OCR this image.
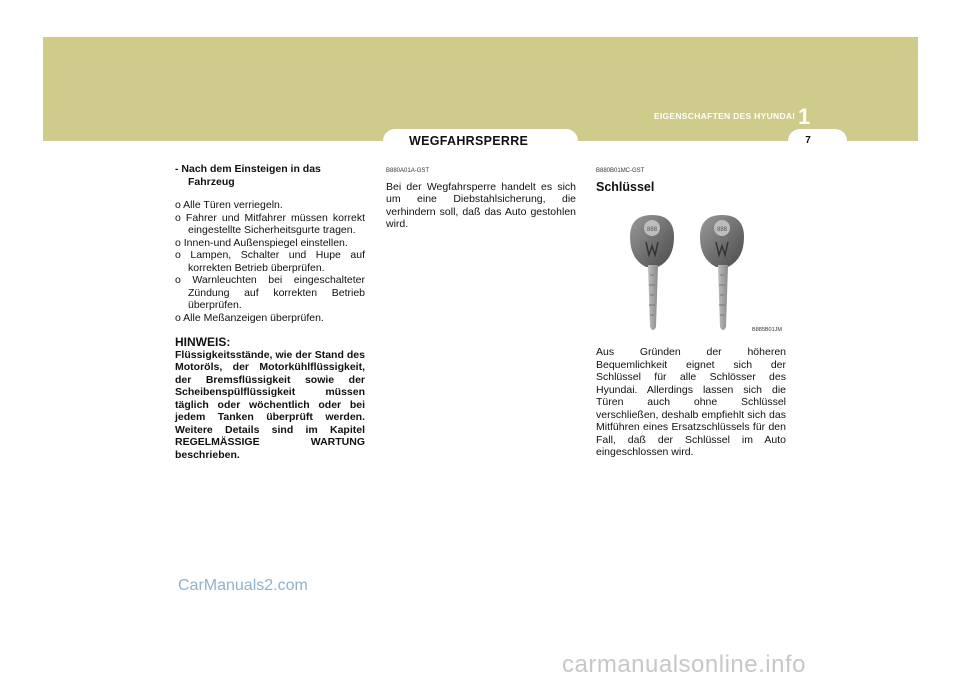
1
EIGENSCHAFTEN DES HYUNDAI
WEGFAHRSPERRE	7
- Nach dem Einsteigen in das
Fahrzeug
o Alle Türen verriegeln.
o Fahrer und Mitfahrer müssen korrekt eingestellte Sicherheitsgurte tragen.
o Innen-und Außenspiegel einstellen.
o Lampen, Schalter und Hupe auf korrekten Betrieb überprüfen.
o Warnleuchten bei eingeschalteter Zündung auf korrekten Betrieb überprüfen.
o Alle Meßanzeigen überprüfen.
HINWEIS:
Flüssigkeitsstände, wie der Stand des Motoröls, der Motorkühlflüssigkeit, der Bremsflüssigkeit sowie der Scheibenspülflüssigkeit müssen täglich oder wöchentlich oder bei jedem Tanken überprüft werden. Weitere Details sind im Kapitel REGELMÄSSIGE WARTUNG beschrieben.
B880A01A-GST
Bei der Wegfahrsperre handelt es sich um eine Diebstahlsicherung, die verhindern soll, daß das Auto gestohlen wird.
B880B01MC-GST
Schlüssel
888	888
B885B01JM
Aus Gründen der höheren Bequemlichkeit eignet sich der Schlüssel für alle Schlösser des Hyundai. Allerdings lassen sich die Türen auch ohne Schlüssel verschließen, deshalb empfiehlt sich das Mitführen eines Ersatzschlüssels für den Fall, daß der Schlüssel im Auto eingeschlossen wird.
CarManuals2.com
carmanualsonline.info
